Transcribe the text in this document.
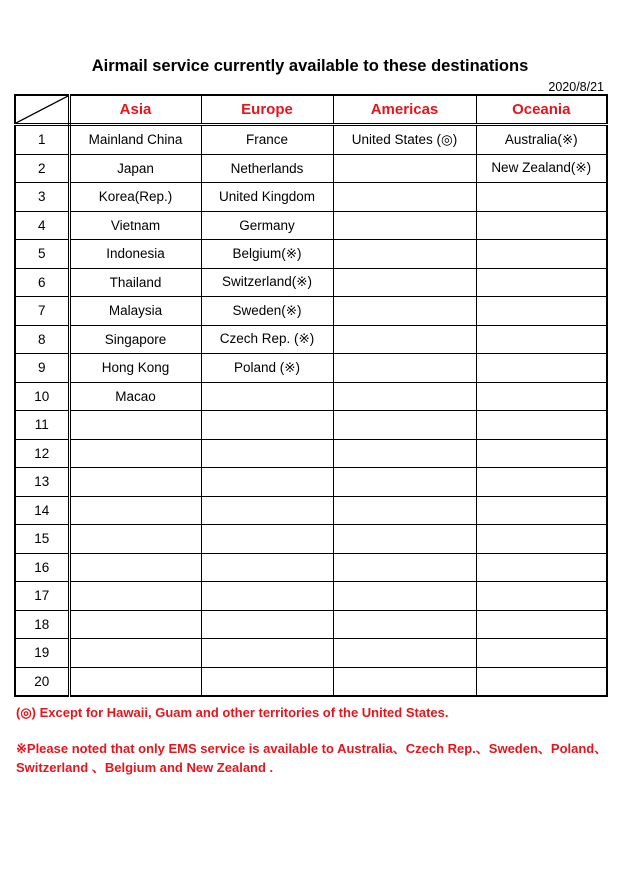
Airmail service currently available to these destinations
2020/8/21
	Asia	Europe	Americas	Oceania
1	Mainland China	France	United States (◎)	Australia(※)
2	Japan	Netherlands		New Zealand(※)
3	Korea(Rep.)	United Kingdom		
4	Vietnam	Germany		
5	Indonesia	Belgium(※)		
6	Thailand	Switzerland(※)		
7	Malaysia	Sweden(※)		
8	Singapore	Czech Rep. (※)		
9	Hong Kong	Poland (※)		
10	Macao			
11				
12				
13				
14				
15				
16				
17				
18				
19				
20				
(◎) Except for Hawaii, Guam and other territories of the United States.
※Please noted that only EMS service is available to Australia、Czech Rep.、Sweden、Poland、Switzerland 、Belgium and New Zealand .
